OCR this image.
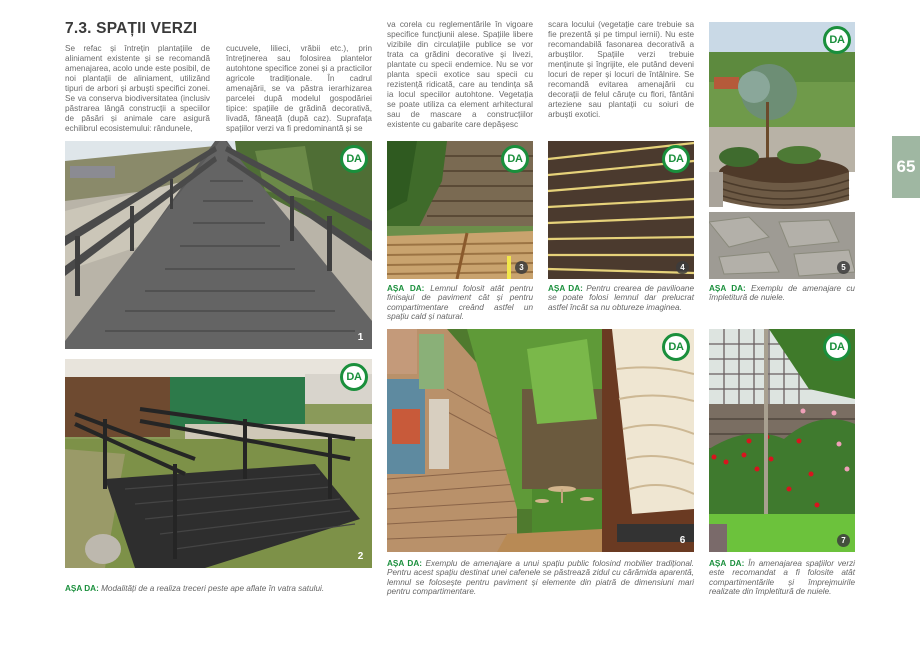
7.3. SPAȚII VERZI
Se refac și întrețin plantațiile de aliniament existente și se recomandă amenajarea, acolo unde este posibil, de noi plantații de aliniament, utilizând tipuri de arbori și arbuști specifici zonei. Se va conserva biodiversitatea (inclusiv păstrarea lângă construcții a speciilor de păsări și animale care asigură echilibrul ecosistemului: rândunele,
cucuvele, lilieci, vrăbii etc.), prin întreținerea sau folosirea plantelor autohtone specifice zonei și a practicilor agricole tradiționale. În cadrul amenajării, se va păstra ierarhizarea parcelei după modelul gospodăriei tipice: spațiile de grădină decorativă, livadă, fâneață (după caz). Suprafața spațiilor verzi va fi predominantă și se
va corela cu reglementările în vigoare specifice funcțiunii alese. Spațiile libere vizibile din circulațiile publice se vor trata ca grădini decorative și livezi, plantate cu specii endemice. Nu se vor planta specii exotice sau specii cu rezistență ridicată, care au tendința să ia locul speciilor autohtone. Vegetația se poate utiliza ca element arhitectural sau de mascare a construcțiilor existente cu gabarite care depășesc
scara locului (vegetație care trebuie sa fie prezentă și pe timpul iernii). Nu este recomandabilă fasonarea decorativă a arbuștilor. Spațiile verzi trebuie menținute și îngrijite, ele putând deveni locuri de reper și locuri de întâlnire. Se recomandă evitarea amenajării cu decorații de felul căruțe cu flori, fântâni arteziene sau plantații cu soiuri de arbuști exotici.
DA
5
DA
1
DA
3
DA
4
AȘA DA: Lemnul folosit atât pentru finisajul de paviment cât și pentru compartimentare creând astfel un spațiu cald și natural.
AȘA DA: Pentru crearea de pavilioane se poate folosi lemnul dar prelucrat astfel încât sa nu obtureze imaginea.
AȘA DA: Exemplu de amenajare cu împletitură de nuiele.
DA
2
DA
6
DA
7
AȘA DA: Modalități de a realiza treceri peste ape aflate în vatra satului.
AȘA DA: Exemplu de amenajare a unui spațiu public folosind mobilier tradițional. Pentru acest spațiu destinat unei cafenele se păstrează zidul cu cărămida aparentă, lemnul se folosește pentru paviment și elemente din piatră de dimensiuni mari pentru compartimentare.
AȘA DA: În amenajarea spațiilor verzi este recomandat a fi folosite atât compartimentările și împrejmuirile realizate din împletitură de nuiele.
65
